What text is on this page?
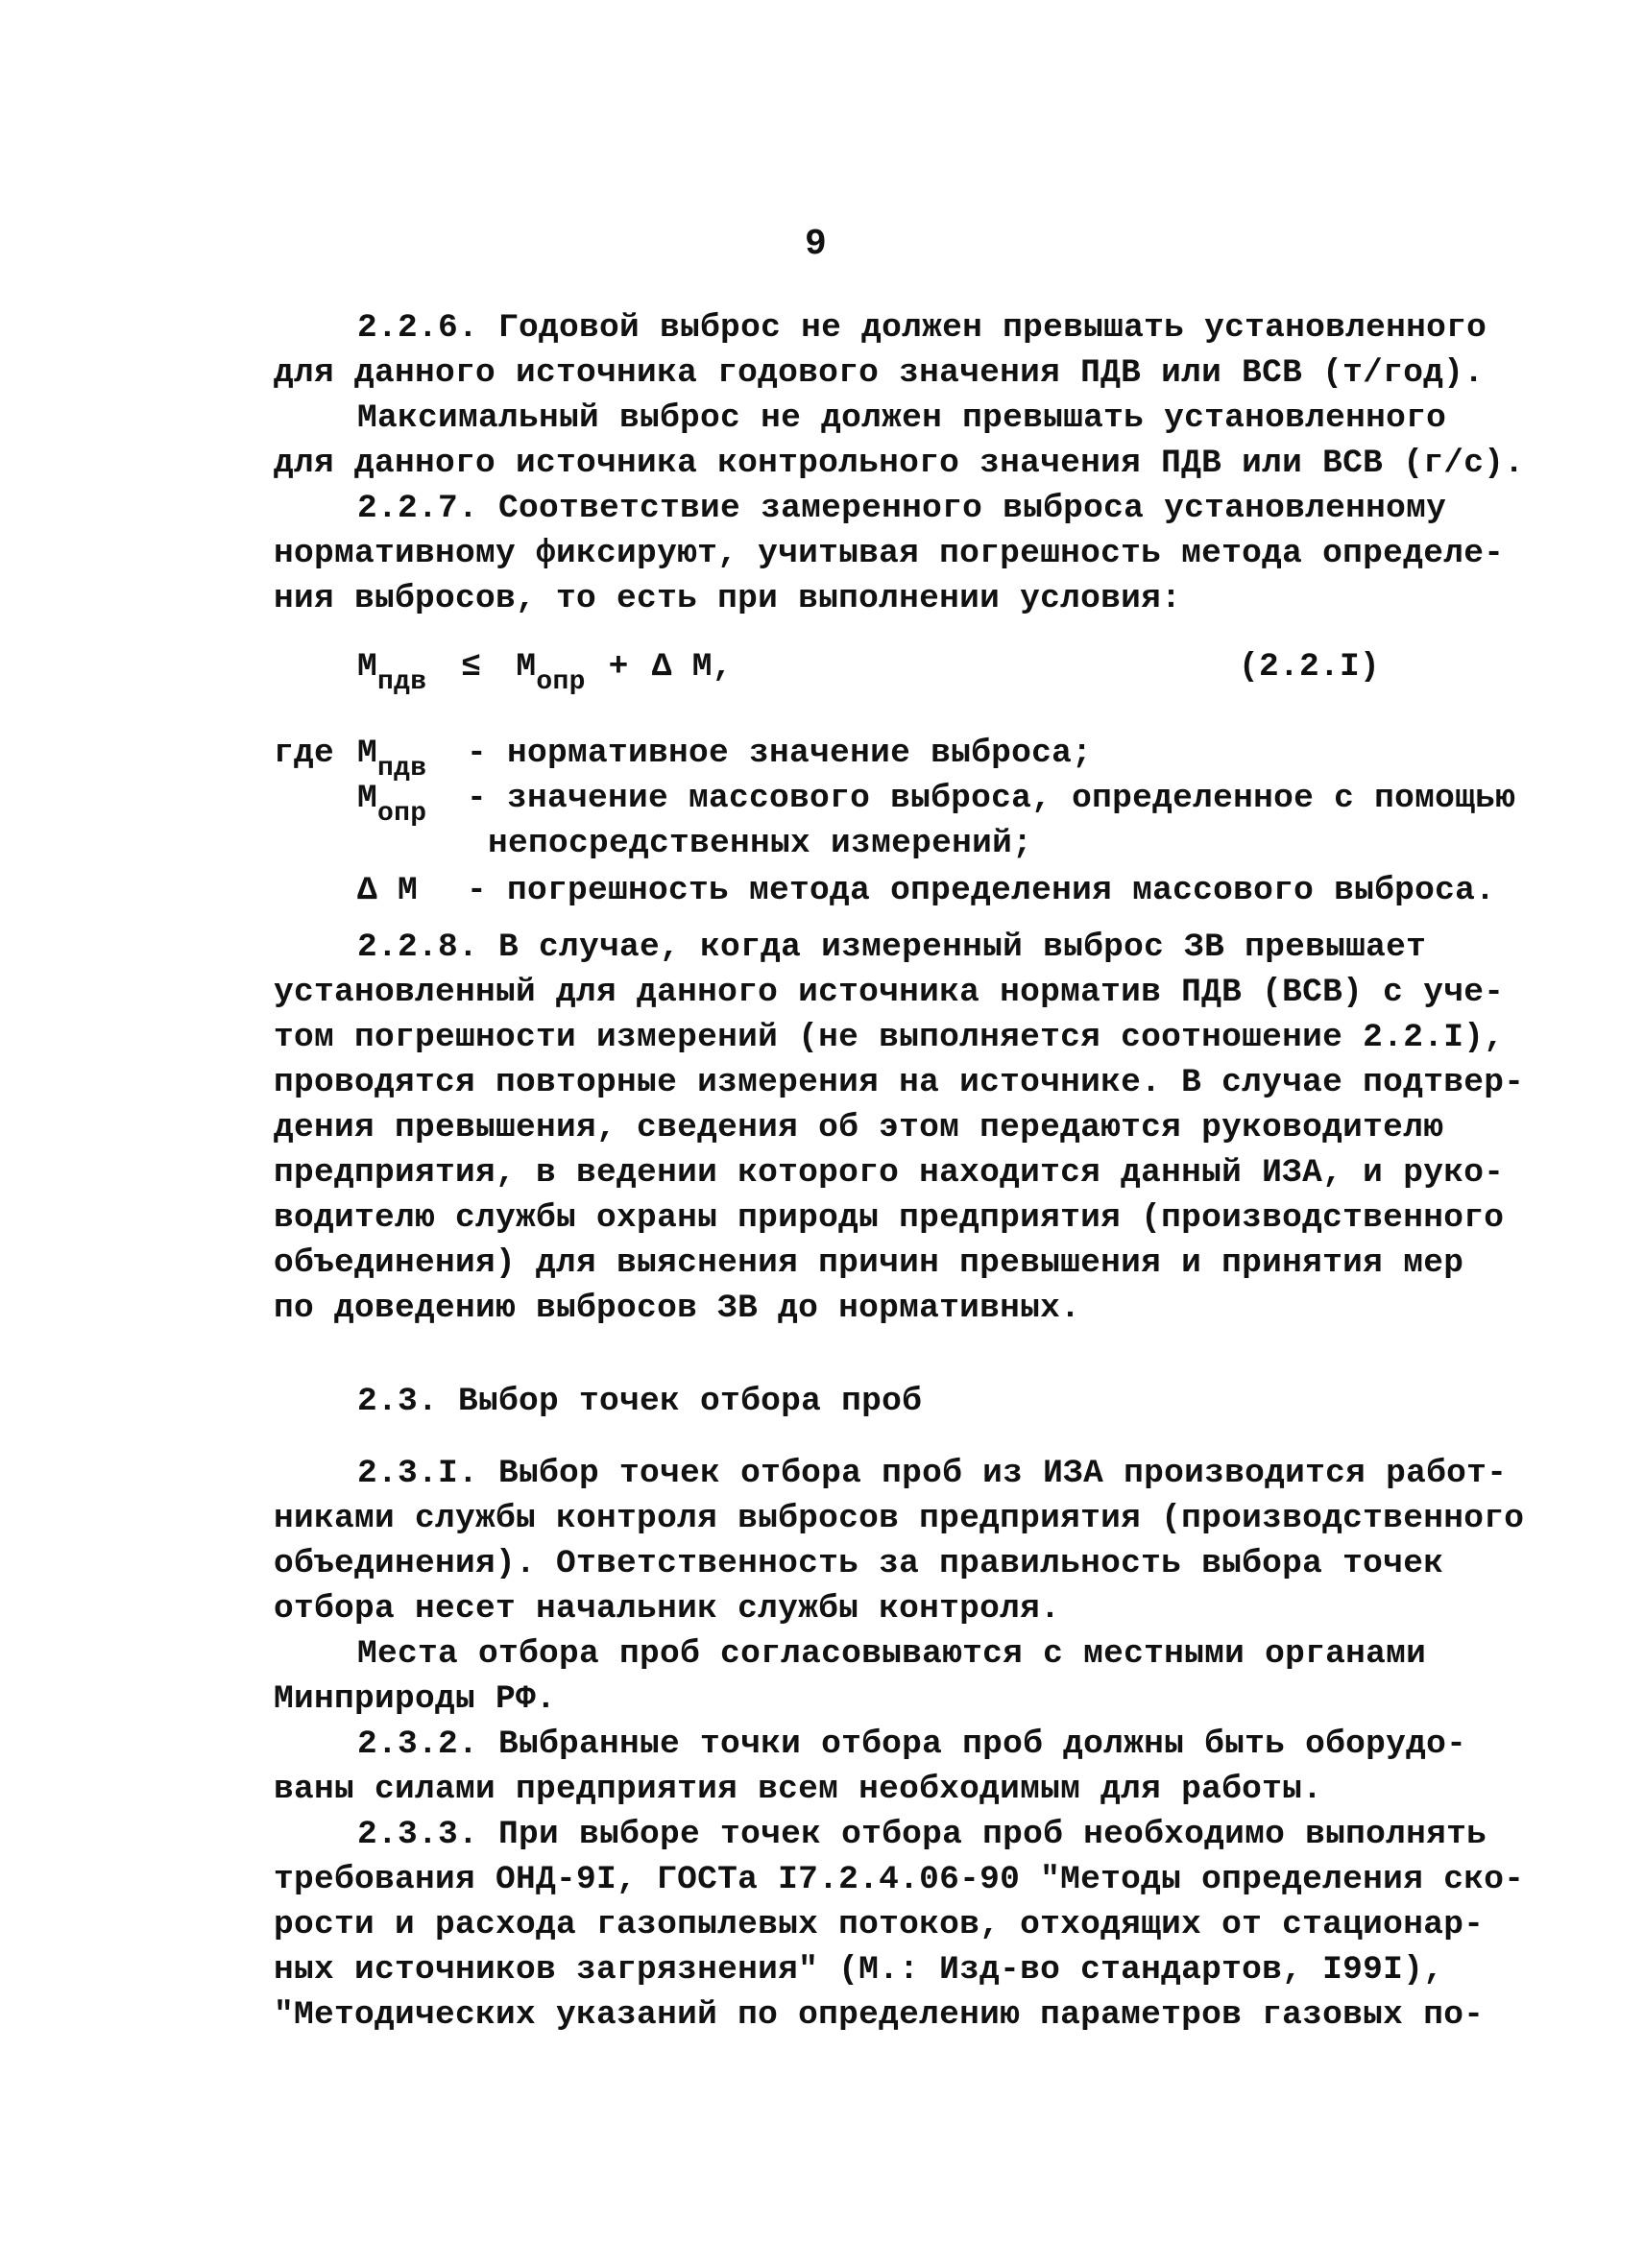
9
2.2.6. Годовой выброс не должен превышать установленного
для данного источника годового значения ПДВ или ВСВ (т/год).
Максимальный выброс не должен превышать установленного
для данного источника контрольного значения ПДВ или ВСВ (г/с).
2.2.7. Соответствие замеренного выброса установленному
нормативному фиксируют, учитывая погрешность метода определе-
ния выбросов, то есть при выполнении условия:
$М_{пдв} \le М_{опр} + \Delta$ М,	(2.2.I)
где $М_{пдв}$ - нормативное значение выброса;
$М_{опр}$ - значение массового выброса, определенное с помощью
непосредственных измерений;
Δ М - погрешность метода определения массового выброса.
2.2.8. В случае, когда измеренный выброс ЗВ превышает
установленный для данного источника норматив ПДВ (ВСВ) с уче-
том погрешности измерений (не выполняется соотношение 2.2.I),
проводятся повторные измерения на источнике. В случае подтвер-
дения превышения, сведения об этом передаются руководителю
предприятия, в ведении которого находится данный ИЗА, и руко-
водителю службы охраны природы предприятия (производственного
объединения) для выяснения причин превышения и принятия мер
по доведению выбросов ЗВ до нормативных.
2.3. Выбор точек отбора проб
2.3.I. Выбор точек отбора проб из ИЗА производится работ-
никами службы контроля выбросов предприятия (производственного
объединения). Ответственность за правильность выбора точек
отбора несет начальник службы контроля.
Места отбора проб согласовываются с местными органами
Минприроды РФ.
2.3.2. Выбранные точки отбора проб должны быть оборудо-
ваны силами предприятия всем необходимым для работы.
2.3.3. При выборе точек отбора проб необходимо выполнять
требования ОНД-9I, ГОСТа I7.2.4.06-90 "Методы определения ско-
рости и расхода газопылевых потоков, отходящих от стационар-
ных источников загрязнения" (М.: Изд-во стандартов, I99I),
"Методических указаний по определению параметров газовых по-
